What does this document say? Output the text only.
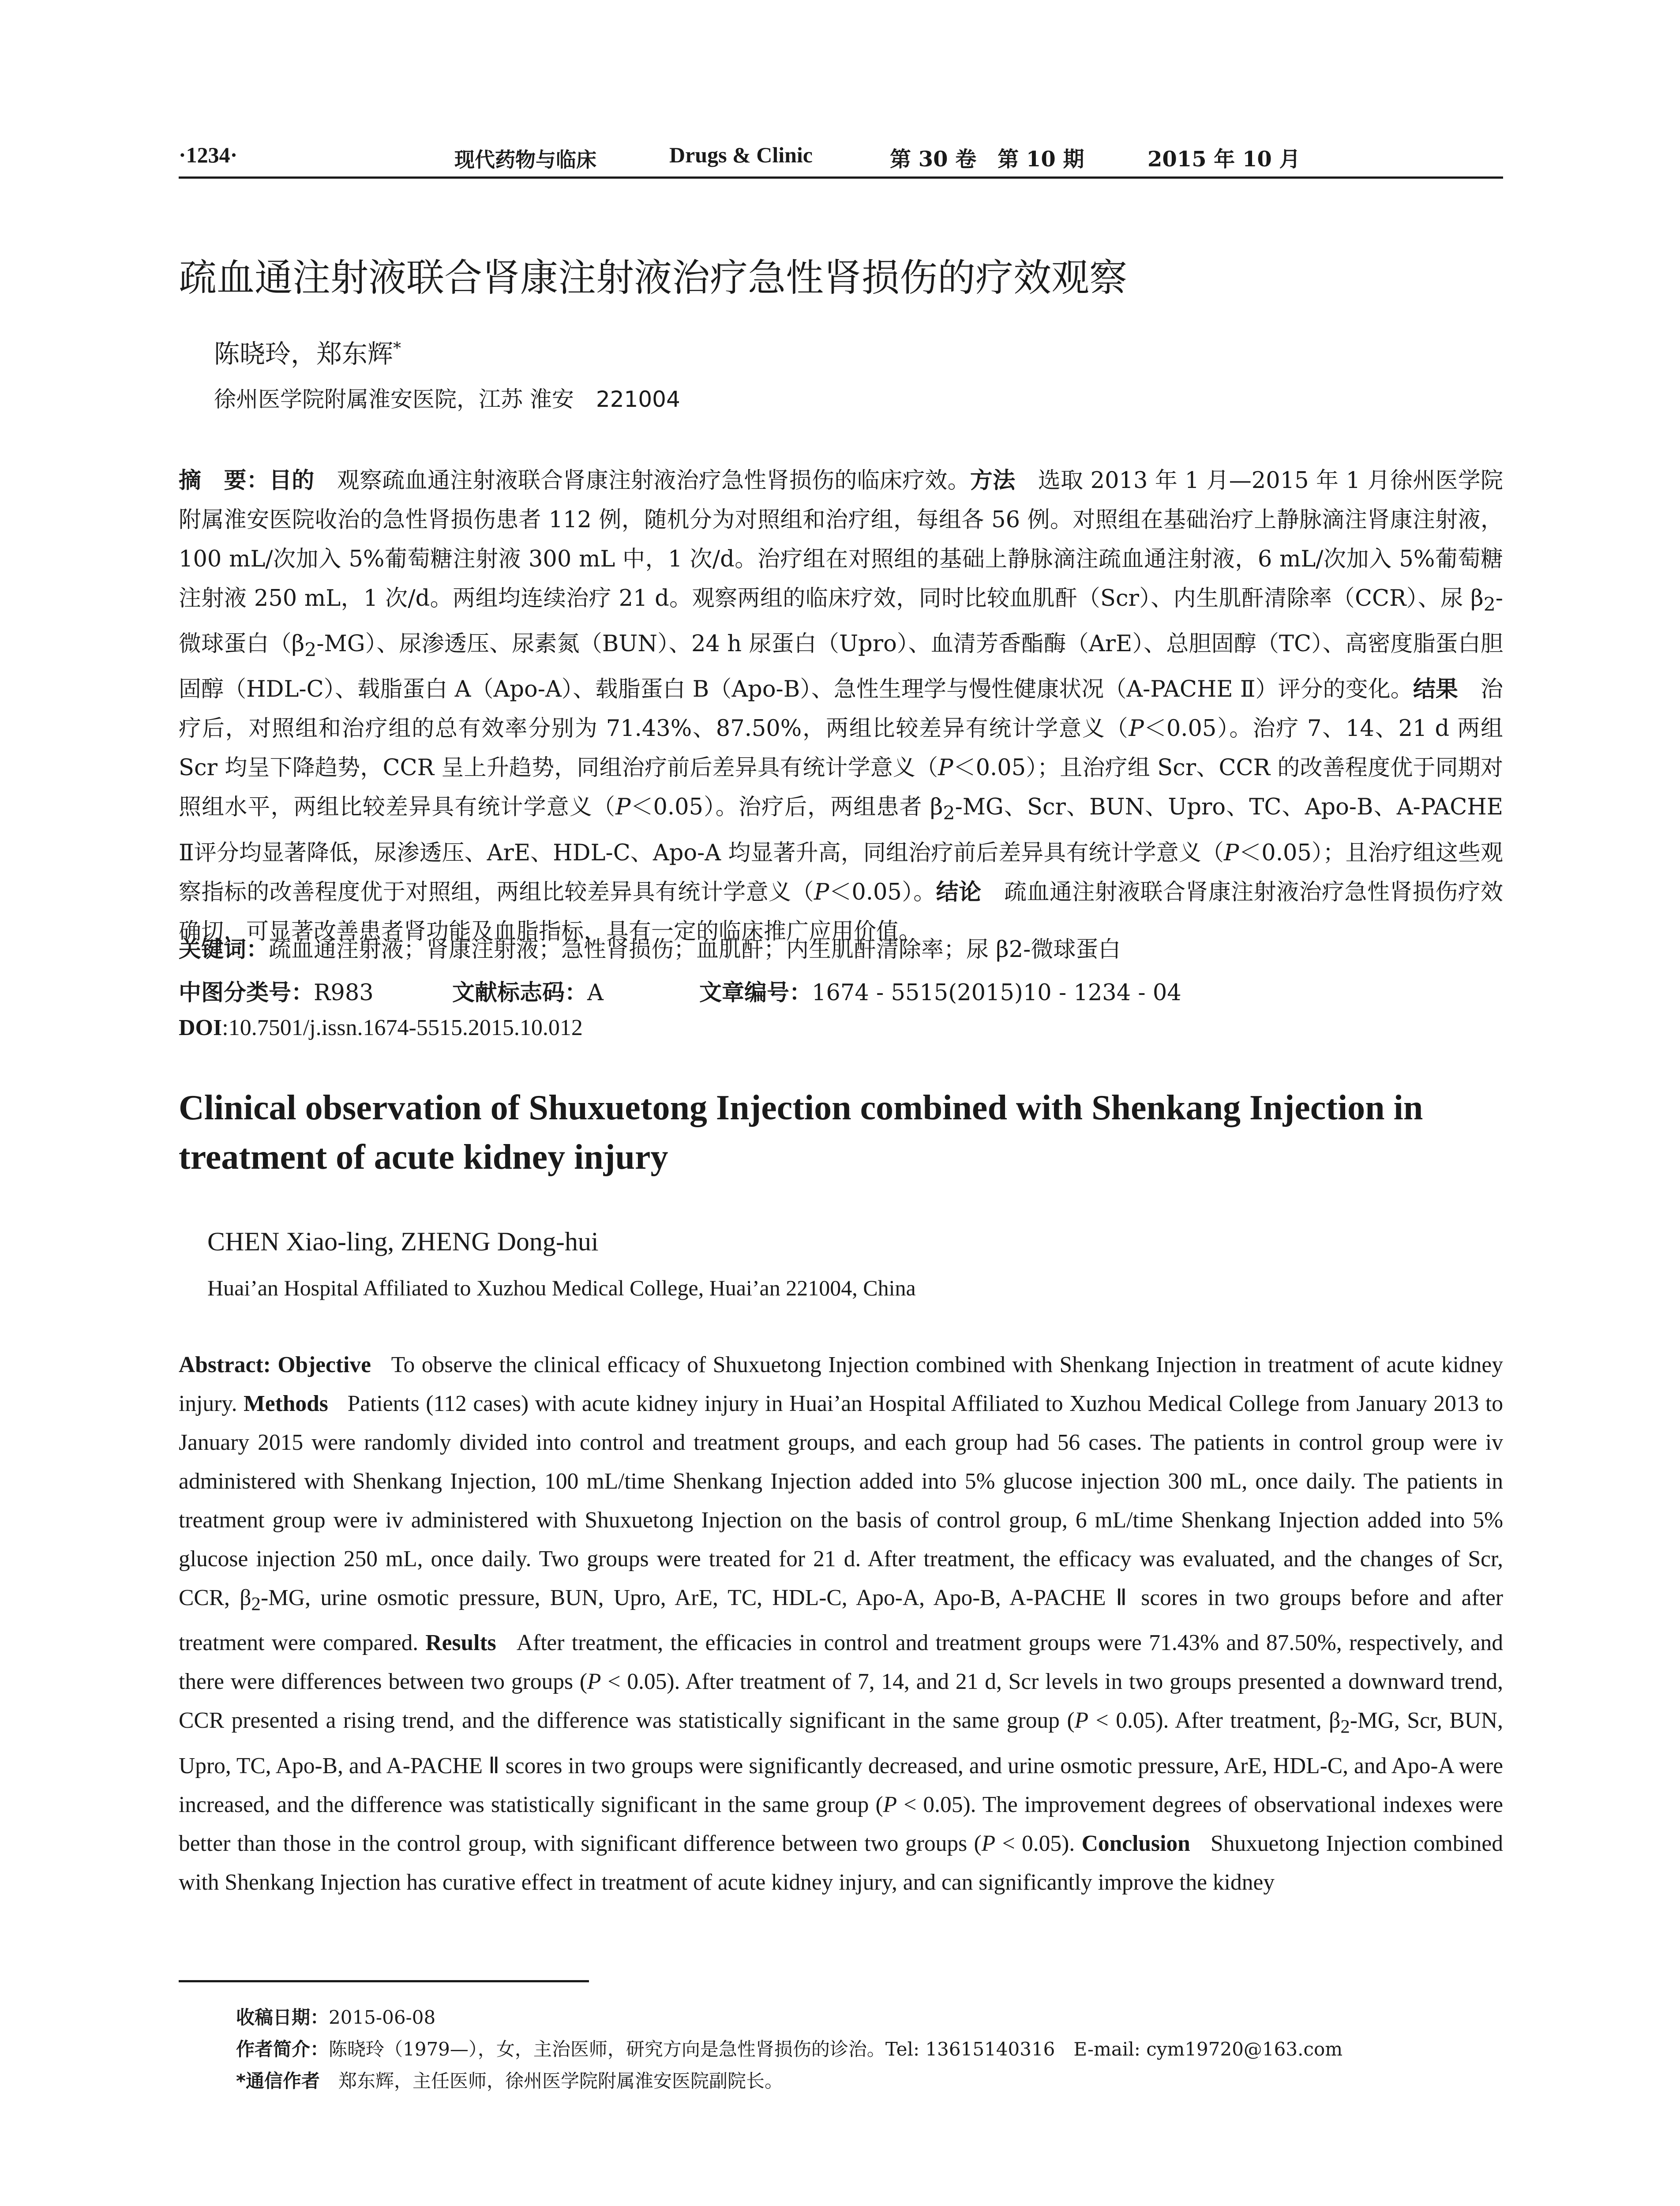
·1234·	现代药物与临床	Drugs & Clinic	第 30 卷　第 10 期	2015 年 10 月
疏血通注射液联合肾康注射液治疗急性肾损伤的疗效观察
陈晓玲，郑东辉*
徐州医学院附属淮安医院，江苏 淮安　221004
摘　要：目的　 观察疏血通注射液联合肾康注射液治疗急性肾损伤的临床疗效。方法　 选取 2013 年 1 月—2015 年 1 月徐州医学院附属淮安医院收治的急性肾损伤患者 112 例，随机分为对照组和治疗组，每组各 56 例。对照组在基础治疗上静脉滴注肾康注射液，100 mL/次加入 5%葡萄糖注射液 300 mL 中，1 次/d。治疗组在对照组的基础上静脉滴注疏血通注射液，6 mL/次加入 5%葡萄糖注射液 250 mL，1 次/d。两组均连续治疗 21 d。观察两组的临床疗效，同时比较血肌酐（Scr）、内生肌酐清除率（CCR）、尿 $\beta_2-$微球蛋白$(\beta_2-MG)$、尿渗透压、尿素氮（BUN）、24 h 尿蛋白（Upro）、血清芳香酯酶（ArE）、总胆固醇（TC）、高密度脂蛋白胆固醇（HDL-C）、载脂蛋白 A（Apo-A）、载脂蛋白 B（Apo-B）、急性生理学与慢性健康状况（A-PACHE Ⅱ）评分的变化。结果　 治疗后，对照组和治疗组的总有效率分别为 71.43%、87.50%，两组比较差异有统计学意义（P＜0.05）。治疗 7、14、21 d 两组 Scr 均呈下降趋势，CCR 呈上升趋势，同组治疗前后差异具有统计学意义（P＜0.05）；且治疗组 Scr、CCR 的改善程度优于同期对照组水平，两组比较差异具有统计学意义（P＜0.05）。治疗后，两组患者 $\beta_2-MG$、Scr、BUN、Upro、TC、Apo-B、A-PACHE Ⅱ评分均显著降低，尿渗透压、ArE、HDL-C、Apo-A 均显著升高，同组治疗前后差异具有统计学意义（P＜0.05）；且治疗组这些观察指标的改善程度优于对照组，两组比较差异具有统计学意义（P＜0.05）。结论　 疏血通注射液联合肾康注射液治疗急性肾损伤疗效确切，可显著改善患者肾功能及血脂指标，具有一定的临床推广应用价值。
关键词：疏血通注射液；肾康注射液；急性肾损伤；血肌酐；内生肌酐清除率；尿 β2-微球蛋白
中图分类号：R983	文献标志码：A	文章编号：1674 - 5515(2015)10 - 1234 - 04
DOI:10.7501/j.issn.1674-5515.2015.10.012
Clinical observation of Shuxuetong Injection combined with Shenkang Injection in treatment of acute kidney injury
CHEN Xiao-ling, ZHENG Dong-hui
Huai’an Hospital Affiliated to Xuzhou Medical College, Huai’an 221004, China
Abstract: Objective To observe the clinical efficacy of Shuxuetong Injection combined with Shenkang Injection in treatment of acute kidney injury. Methods Patients (112 cases) with acute kidney injury in Huai’an Hospital Affiliated to Xuzhou Medical College from January 2013 to January 2015 were randomly divided into control and treatment groups, and each group had 56 cases. The patients in control group were iv administered with Shenkang Injection, 100 mL/time Shenkang Injection added into 5% glucose injection 300 mL, once daily. The patients in treatment group were iv administered with Shuxuetong Injection on the basis of control group, 6 mL/time Shenkang Injection added into 5% glucose injection 250 mL, once daily. Two groups were treated for 21 d. After treatment, the efficacy was evaluated, and the changes of Scr, CCR, $\beta_2-MG$, urine osmotic pressure, BUN, Upro, ArE, TC, HDL-C, Apo-A, Apo-B, A-PACHE Ⅱ scores in two groups before and after treatment were compared. Results After treatment, the efficacies in control and treatment groups were 71.43% and 87.50%, respectively, and there were differences between two groups (P < 0.05). After treatment of 7, 14, and 21 d, Scr levels in two groups presented a downward trend, CCR presented a rising trend, and the difference was statistically significant in the same group (P < 0.05). After treatment, $\beta_2-MG$, Scr, BUN, Upro, TC, Apo-B, and A-PACHE Ⅱ scores in two groups were significantly decreased, and urine osmotic pressure, ArE, HDL-C, and Apo-A were increased, and the difference was statistically significant in the same group (P < 0.05). The improvement degrees of observational indexes were better than those in the control group, with significant difference between two groups (P < 0.05). Conclusion Shuxuetong Injection combined with Shenkang Injection has curative effect in treatment of acute kidney injury, and can significantly improve the kidney
收稿日期：2015-06-08
作者简介：陈晓玲（1979—），女，主治医师，研究方向是急性肾损伤的诊治。Tel: 13615140316　E-mail: cym19720@163.com
*通信作者　 郑东辉，主任医师，徐州医学院附属淮安医院副院长。
